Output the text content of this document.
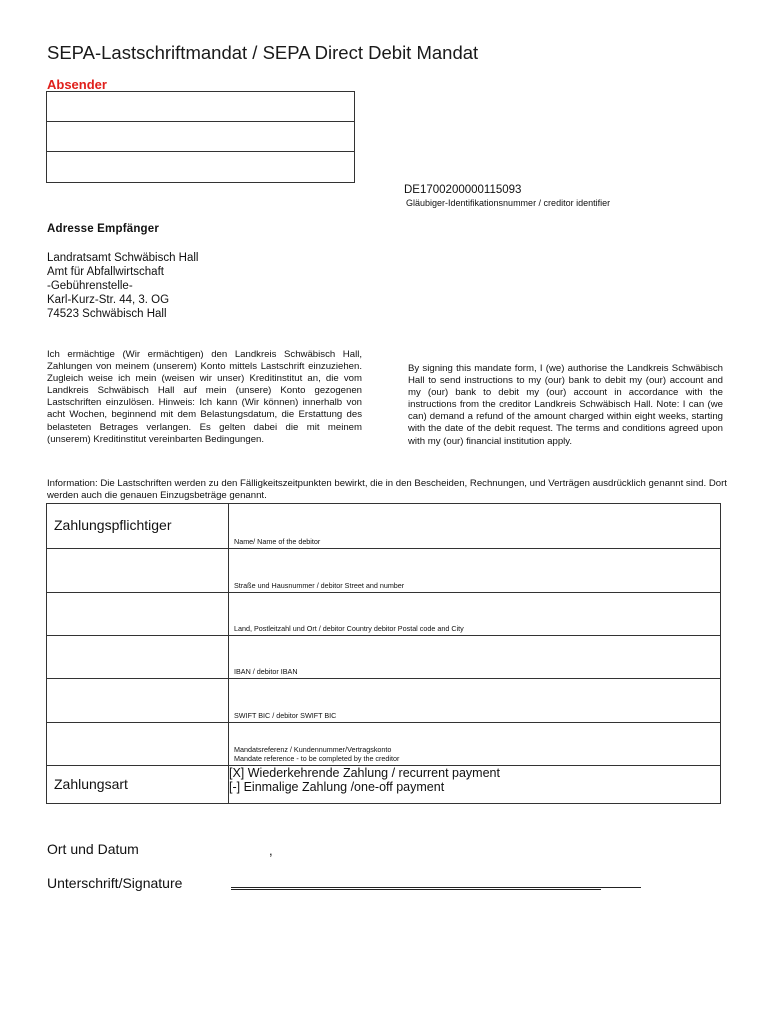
SEPA-Lastschriftmandat / SEPA Direct Debit Mandat
Absender
DE1700200000115093
Gläubiger-Identifikationsnummer / creditor identifier
Adresse Empfänger
Landratsamt Schwäbisch Hall
Amt für Abfallwirtschaft
-Gebührenstelle-
Karl-Kurz-Str. 44, 3. OG
74523 Schwäbisch Hall
Ich ermächtige (Wir ermächtigen) den Landkreis Schwäbisch Hall, Zahlungen von meinem (unserem) Konto mittels Lastschrift einzuziehen. Zugleich weise ich mein (weisen wir unser) Kreditinstitut an, die vom Landkreis Schwäbisch Hall auf mein (unsere) Konto gezogenen Lastschriften einzulösen. Hinweis: Ich kann (Wir können) innerhalb von acht Wochen, beginnend mit dem Belastungsdatum, die Erstattung des belasteten Betrages verlangen. Es gelten dabei die mit meinem (unserem) Kreditinstitut vereinbarten Bedingungen.
By signing this mandate form, I (we) authorise the Landkreis Schwäbisch Hall to send instructions to my (our) bank to debit my (our) account and my (our) bank to debit my (our) account in accordance with the instructions from the creditor Landkreis Schwäbisch Hall. Note: I can (we can) demand a refund of the amount charged within eight weeks, starting with the date of the debit request. The terms and conditions agreed upon with my (our) financial institution apply.
Information: Die Lastschriften werden zu den Fälligkeitszeitpunkten bewirkt, die in den Bescheiden, Rechnungen, und Verträgen ausdrücklich genannt sind. Dort werden auch die genauen Einzugsbeträge genannt.
Zahlungspflichtiger	Name/ Name of the debitor

	Straße und Hausnummer / debitor Street and number

	Land, Postleitzahl und Ort / debitor Country debitor Postal code and City

	IBAN / debitor IBAN

	SWIFT BIC / debitor SWIFT BIC

	Mandatsreferenz / Kundennummer/Vertragskonto
Mandate reference - to be completed by the creditor

Zahlungsart	[X] Wiederkehrende Zahlung / recurrent payment
[-] Einmalige Zahlung /one-off payment
Ort und Datum	,
Unterschrift/Signature
